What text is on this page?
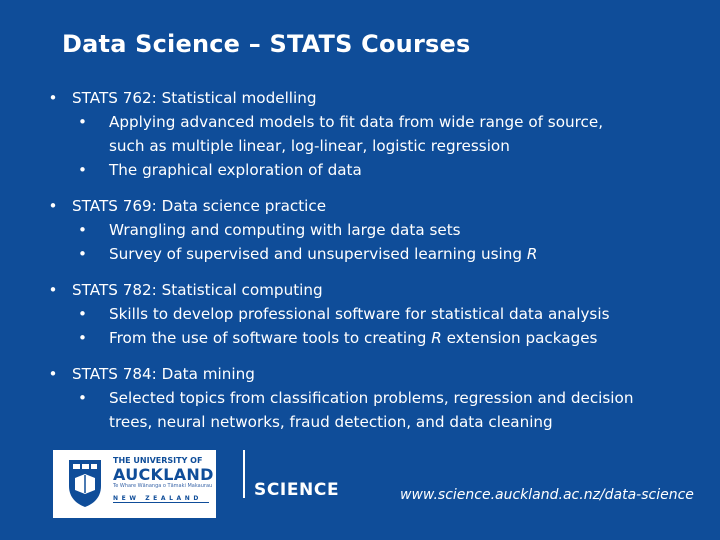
Data Science – STATS Courses
• STATS 762: Statistical modelling
• Applying advanced models to fit data from wide range of source,
such as multiple linear, log-linear, logistic regression
• The graphical exploration of data
• STATS 769: Data science practice
• Wrangling and computing with large data sets
• Survey of supervised and unsupervised learning using R
• STATS 782: Statistical computing
• Skills to develop professional software for statistical data analysis
• From the use of software tools to creating R extension packages
• STATS 784: Data mining
• Selected topics from classification problems, regression and decision
trees, neural networks, fraud detection, and data cleaning
THE UNIVERSITY OF
AUCKLAND
Te Whare Wānanga o Tāmaki Makaurau
NEW ZEALAND	SCIENCE	www.science.auckland.ac.nz/data-science
